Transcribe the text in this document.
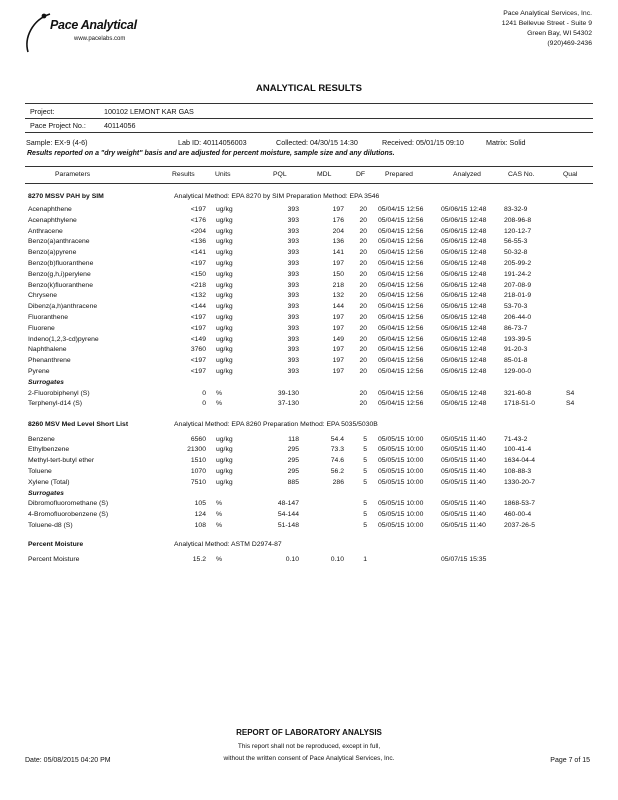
Pace Analytical
www.pacelabs.com
Pace Analytical Services, Inc.
1241 Bellevue Street - Suite 9
Green Bay, WI 54302
(920)469-2436
ANALYTICAL RESULTS
Project:	100102 LEMONT KAR GAS
Pace Project No.:	40114056
Sample: EX-9 (4-6)	Lab ID: 40114056003	Collected: 04/30/15 14:30	Received: 05/01/15 09:10	Matrix: Solid
Results reported on a "dry weight" basis and are adjusted for percent moisture, sample size and any dilutions.
Parameters	Results	Units	PQL	MDL	DF	Prepared	Analyzed	CAS No.	Qual
8270 MSSV PAH by SIM	Analytical Method: EPA 8270 by SIM Preparation Method: EPA 3546
Acenaphthene	<197 ug/kg	393	197	20 05/04/15 12:56	05/06/15 12:48	83-32-9
Acenaphthylene	<176 ug/kg	393	176	20 05/04/15 12:56	05/06/15 12:48	208-96-8
Anthracene	<204 ug/kg	393	204	20 05/04/15 12:56	05/06/15 12:48	120-12-7
Benzo(a)anthracene	<136 ug/kg	393	136	20 05/04/15 12:56	05/06/15 12:48	56-55-3
Benzo(a)pyrene	<141 ug/kg	393	141	20 05/04/15 12:56	05/06/15 12:48	50-32-8
Benzo(b)fluoranthene	<197 ug/kg	393	197	20 05/04/15 12:56	05/06/15 12:48	205-99-2
Benzo(g,h,i)perylene	<150 ug/kg	393	150	20 05/04/15 12:56	05/06/15 12:48	191-24-2
Benzo(k)fluoranthene	<218 ug/kg	393	218	20 05/04/15 12:56	05/06/15 12:48	207-08-9
Chrysene	<132 ug/kg	393	132	20 05/04/15 12:56	05/06/15 12:48	218-01-9
Dibenz(a,h)anthracene	<144 ug/kg	393	144	20 05/04/15 12:56	05/06/15 12:48	53-70-3
Fluoranthene	<197 ug/kg	393	197	20 05/04/15 12:56	05/06/15 12:48	206-44-0
Fluorene	<197 ug/kg	393	197	20 05/04/15 12:56	05/06/15 12:48	86-73-7
Indeno(1,2,3-cd)pyrene	<149 ug/kg	393	149	20 05/04/15 12:56	05/06/15 12:48	193-39-5
Naphthalene	3760 ug/kg	393	197	20 05/04/15 12:56	05/06/15 12:48	91-20-3
Phenanthrene	<197 ug/kg	393	197	20 05/04/15 12:56	05/06/15 12:48	85-01-8
Pyrene	<197 ug/kg	393	197	20 05/04/15 12:56	05/06/15 12:48	129-00-0
Surrogates
2-Fluorobiphenyl (S)	0 %	39-130	20 05/04/15 12:56	05/06/15 12:48	321-60-8	S4
Terphenyl-d14 (S)	0 %	37-130	20 05/04/15 12:56	05/06/15 12:48	1718-51-0	S4
8260 MSV Med Level Short List	Analytical Method: EPA 8260 Preparation Method: EPA 5035/5030B
Benzene	6560 ug/kg	118	54.4	5 05/05/15 10:00	05/05/15 11:40	71-43-2
Ethylbenzene	21300 ug/kg	295	73.3	5 05/05/15 10:00	05/05/15 11:40	100-41-4
Methyl-tert-butyl ether	1510 ug/kg	295	74.6	5 05/05/15 10:00	05/05/15 11:40	1634-04-4
Toluene	1070 ug/kg	295	56.2	5 05/05/15 10:00	05/05/15 11:40	108-88-3
Xylene (Total)	7510 ug/kg	885	286	5 05/05/15 10:00	05/05/15 11:40	1330-20-7
Surrogates
Dibromofluoromethane (S)	105 %	48-147	5 05/05/15 10:00	05/05/15 11:40	1868-53-7
4-Bromofluorobenzene (S)	124 %	54-144	5 05/05/15 10:00	05/05/15 11:40	460-00-4
Toluene-d8 (S)	108 %	51-148	5 05/05/15 10:00	05/05/15 11:40	2037-26-5
Percent Moisture	Analytical Method: ASTM D2974-87
Percent Moisture	15.2 %	0.10	0.10	1	05/07/15 15:35
REPORT OF LABORATORY ANALYSIS
This report shall not be reproduced, except in full,
without the written consent of Pace Analytical Services, Inc.
Date: 05/08/2015 04:20 PM	Page 7 of 15
